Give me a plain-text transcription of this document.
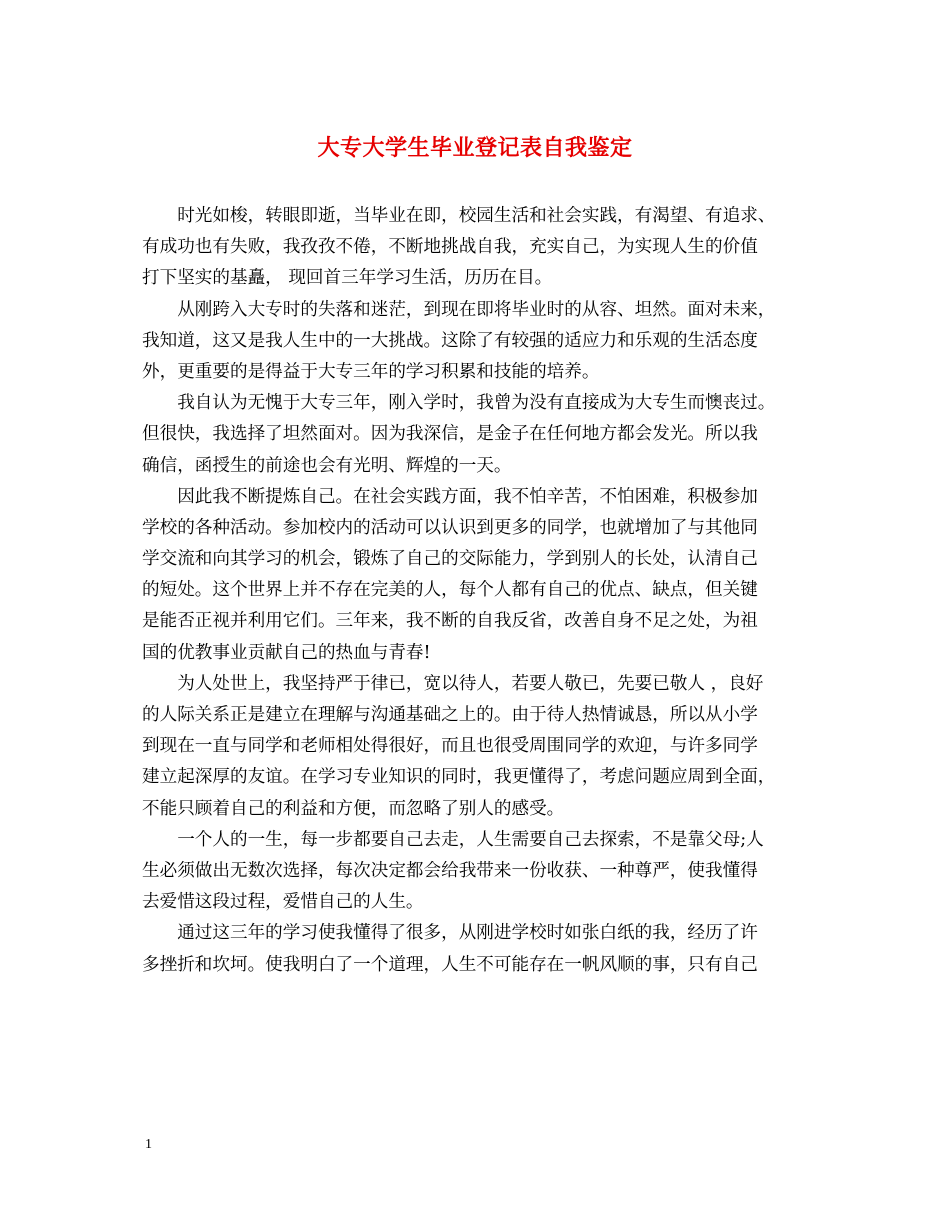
大专大学生毕业登记表自我鉴定
时光如梭，转眼即逝，当毕业在即，校园生活和社会实践，有渴望、有追求、
有成功也有失败，我孜孜不倦，不断地挑战自我，充实自己，为实现人生的价值
打下坚实的基矗， 现回首三年学习生活，历历在目。
从刚跨入大专时的失落和迷茫，到现在即将毕业时的从容、坦然。面对未来，
我知道，这又是我人生中的一大挑战。这除了有较强的适应力和乐观的生活态度
外，更重要的是得益于大专三年的学习积累和技能的培养。
我自认为无愧于大专三年，刚入学时，我曾为没有直接成为大专生而懊丧过。
但很快，我选择了坦然面对。因为我深信，是金子在任何地方都会发光。所以我
确信，函授生的前途也会有光明、辉煌的一天。
因此我不断提炼自己。在社会实践方面，我不怕辛苦，不怕困难，积极参加
学校的各种活动。参加校内的活动可以认识到更多的同学，也就增加了与其他同
学交流和向其学习的机会，锻炼了自己的交际能力，学到别人的长处，认清自己
的短处。这个世界上并不存在完美的人，每个人都有自己的优点、缺点，但关键
是能否正视并利用它们。三年来，我不断的自我反省，改善自身不足之处，为祖
国的优教事业贡献自己的热血与青春!
为人处世上，我坚持严于律已，宽以待人，若要人敬已，先要已敬人 ，良好
的人际关系正是建立在理解与沟通基础之上的。由于待人热情诚恳，所以从小学
到现在一直与同学和老师相处得很好，而且也很受周围同学的欢迎，与许多同学
建立起深厚的友谊。在学习专业知识的同时，我更懂得了，考虑问题应周到全面，
不能只顾着自己的利益和方便，而忽略了别人的感受。
一个人的一生，每一步都要自己去走，人生需要自己去探索，不是靠父母;人
生必须做出无数次选择，每次决定都会给我带来一份收获、一种尊严，使我懂得
去爱惜这段过程，爱惜自己的人生。
通过这三年的学习使我懂得了很多，从刚进学校时如张白纸的我，经历了许
多挫折和坎坷。使我明白了一个道理，人生不可能存在一帆风顺的事，只有自己
1
